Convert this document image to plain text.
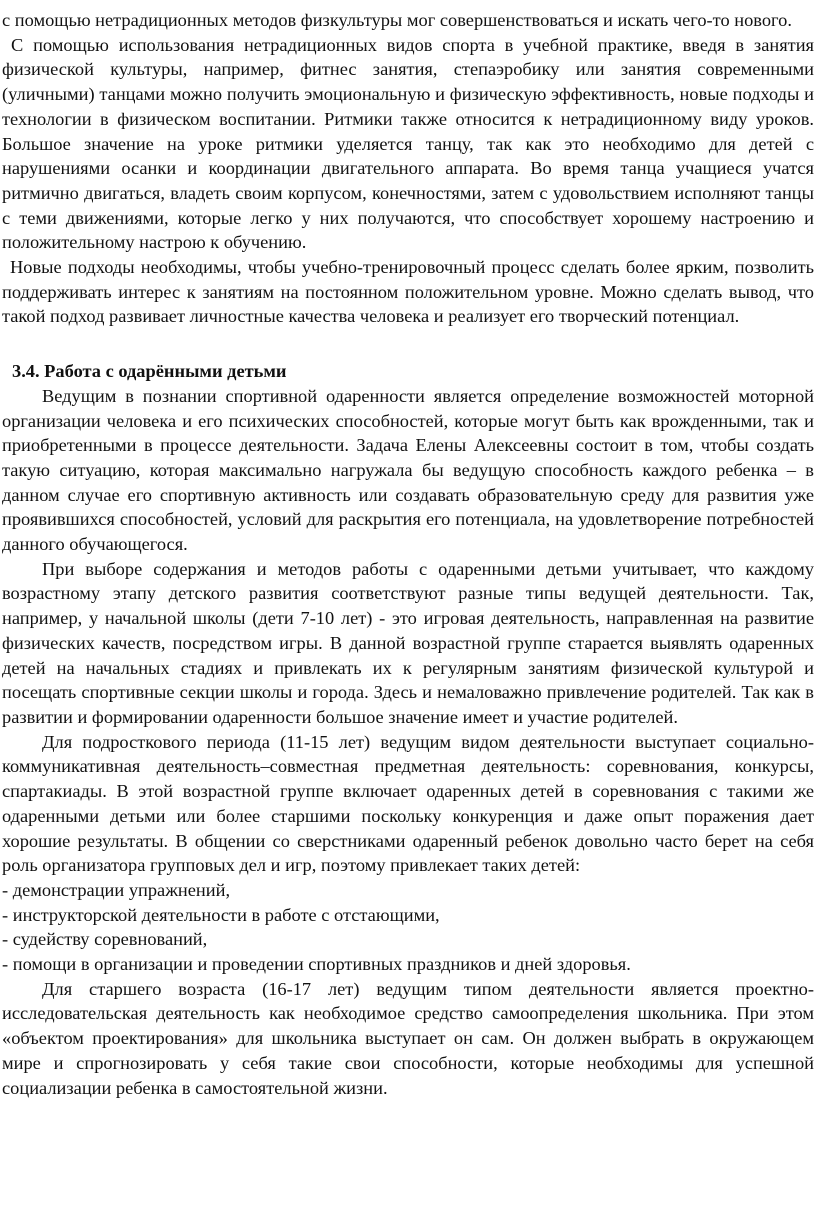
с помощью нетрадиционных методов физкультуры мог совершенствоваться и искать чего-то нового.

С помощью использования нетрадиционных видов спорта в учебной практике, введя в занятия физической культуры, например, фитнес занятия, степаэробику или занятия современными (уличными) танцами можно получить эмоциональную и физическую эффективность, новые подходы и технологии в физическом воспитании. Ритмики также относится к нетрадиционному виду уроков. Большое значение на уроке ритмики уделяется танцу, так как это необходимо для детей с нарушениями осанки и координации двигательного аппарата. Во время танца учащиеся учатся ритмично двигаться, владеть своим корпусом, конечностями, затем с удовольствием исполняют танцы с теми движениями, которые легко у них получаются, что способствует хорошему настроению и положительному настрою к обучению.

Новые подходы необходимы, чтобы учебно-тренировочный процесс сделать более ярким, позволить поддерживать интерес к занятиям на постоянном положительном уровне. Можно сделать вывод, что такой подход развивает личностные качества человека и реализует его творческий потенциал.

3.4. Работа с одарёнными детьми

Ведущим в познании спортивной одаренности является определение возможностей моторной организации человека и его психических способностей, которые могут быть как врожденными, так и приобретенными в процессе деятельности. Задача Елены Алексеевны состоит в том, чтобы создать такую ситуацию, которая максимально нагружала бы ведущую способность каждого ребенка – в данном случае его спортивную активность или создавать образовательную среду для развития уже проявившихся способностей, условий для раскрытия его потенциала, на удовлетворение потребностей данного обучающегося.

При выборе содержания и методов работы с одаренными детьми учитывает, что каждому возрастному этапу детского развития соответствуют разные типы ведущей деятельности. Так, например, у начальной школы (дети 7-10 лет) - это игровая деятельность, направленная на развитие физических качеств, посредством игры. В данной возрастной группе старается выявлять одаренных детей на начальных стадиях и привлекать их к регулярным занятиям физической культурой и посещать спортивные секции школы и города. Здесь и немаловажно привлечение родителей. Так как в развитии и формировании одаренности большое значение имеет и участие родителей.

Для подросткового периода (11-15 лет) ведущим видом деятельности выступает социально-коммуникативная деятельность–совместная предметная деятельность: соревнования, конкурсы, спартакиады. В этой возрастной группе включает одаренных детей в соревнования с такими же одаренными детьми или более старшими поскольку конкуренция и даже опыт поражения дает хорошие результаты. В общении со сверстниками одаренный ребенок довольно часто берет на себя роль организатора групповых дел и игр, поэтому привлекает таких детей:

- демонстрации упражнений,

- инструкторской деятельности в работе с отстающими,

- судейству соревнований,

- помощи в организации и проведении спортивных праздников и дней здоровья.

Для старшего возраста (16-17 лет) ведущим типом деятельности является проектно-исследовательская деятельность как необходимое средство самоопределения школьника. При этом «объектом проектирования» для школьника выступает он сам. Он должен выбрать в окружающем мире и спрогнозировать у себя такие свои способности, которые необходимы для успешной социализации ребенка в самостоятельной жизни.
